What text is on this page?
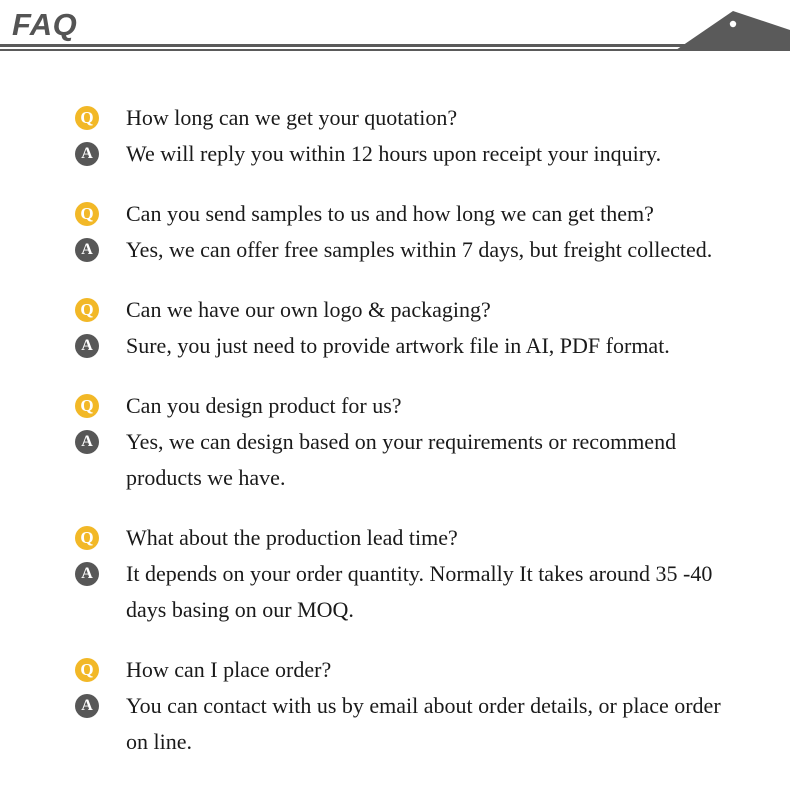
FAQ
Q How long can we get your quotation?
A We will reply you within 12 hours upon receipt your inquiry.
Q Can you send samples to us and how long we can get them?
A Yes, we can offer free samples within 7 days, but freight collected.
Q Can we have our own logo & packaging?
A Sure, you just need to provide artwork file in AI, PDF format.
Q Can you design product for us?
A Yes, we can design based on your requirements or recommend products we have.
Q What about the production lead time?
A It depends on your order quantity. Normally It takes around 35 -40 days basing on our MOQ.
Q How can I place order?
A You can contact with us by email about order details, or place order on line.
